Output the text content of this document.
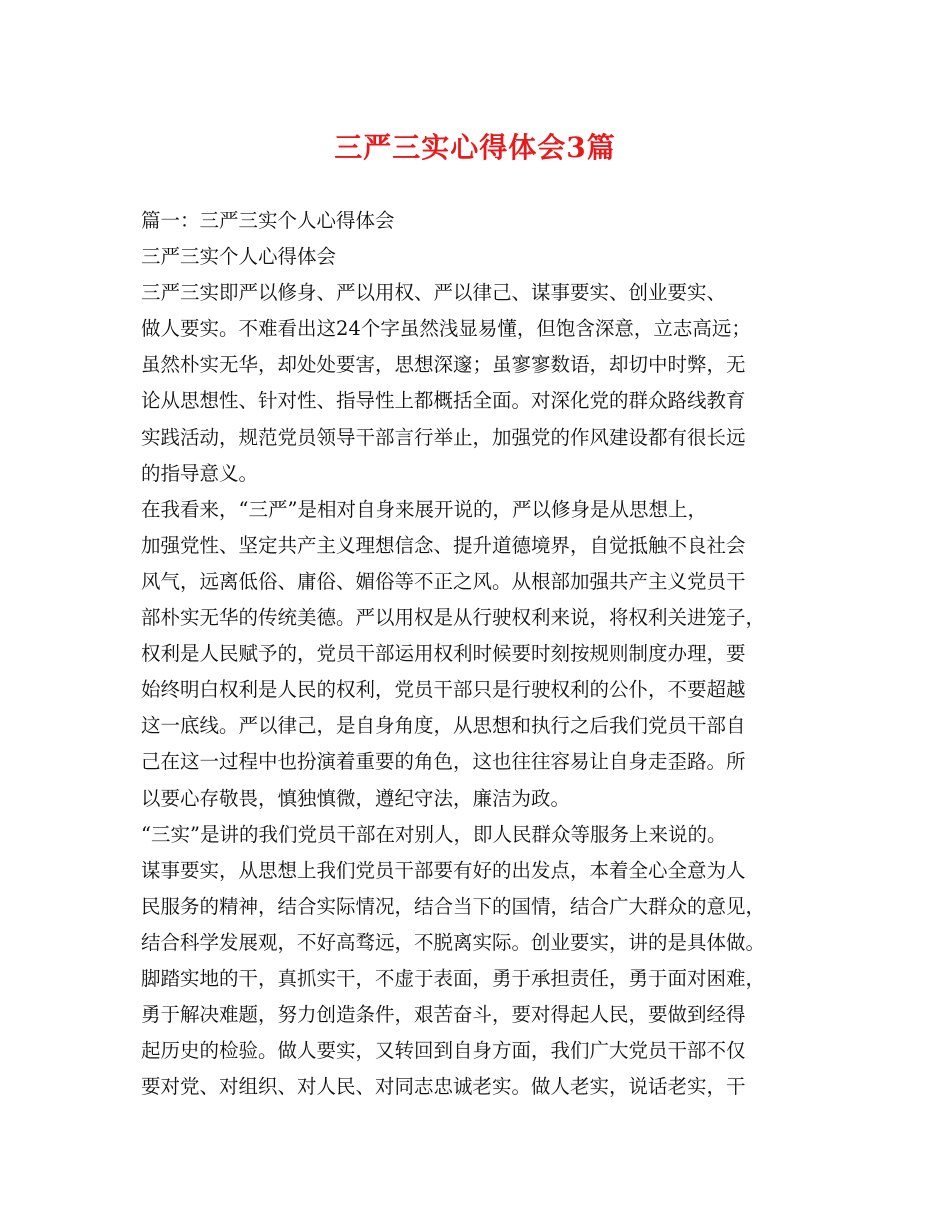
三严三实心得体会3篇
篇一：三严三实个人心得体会
三严三实个人心得体会
三严三实即严以修身、严以用权、严以律己、谋事要实、创业要实、
做人要实。不难看出这24个字虽然浅显易懂，但饱含深意，立志高远；
虽然朴实无华，却处处要害，思想深邃；虽寥寥数语，却切中时弊，无
论从思想性、针对性、指导性上都概括全面。对深化党的群众路线教育
实践活动，规范党员领导干部言行举止，加强党的作风建设都有很长远
的指导意义。
在我看来，“三严”是相对自身来展开说的，严以修身是从思想上，
加强党性、坚定共产主义理想信念、提升道德境界，自觉抵触不良社会
风气，远离低俗、庸俗、媚俗等不正之风。从根部加强共产主义党员干
部朴实无华的传统美德。严以用权是从行驶权利来说，将权利关进笼子，
权利是人民赋予的，党员干部运用权利时候要时刻按规则制度办理，要
始终明白权利是人民的权利，党员干部只是行驶权利的公仆，不要超越
这一底线。严以律己，是自身角度，从思想和执行之后我们党员干部自
己在这一过程中也扮演着重要的角色，这也往往容易让自身走歪路。所
以要心存敬畏，慎独慎微，遵纪守法，廉洁为政。
“三实”是讲的我们党员干部在对别人，即人民群众等服务上来说的。
谋事要实，从思想上我们党员干部要有好的出发点，本着全心全意为人
民服务的精神，结合实际情况，结合当下的国情，结合广大群众的意见，
结合科学发展观，不好高骛远，不脱离实际。创业要实，讲的是具体做。
脚踏实地的干，真抓实干，不虚于表面，勇于承担责任，勇于面对困难，
勇于解决难题，努力创造条件，艰苦奋斗，要对得起人民，要做到经得
起历史的检验。做人要实，又转回到自身方面，我们广大党员干部不仅
要对党、对组织、对人民、对同志忠诚老实。做人老实，说话老实，干
